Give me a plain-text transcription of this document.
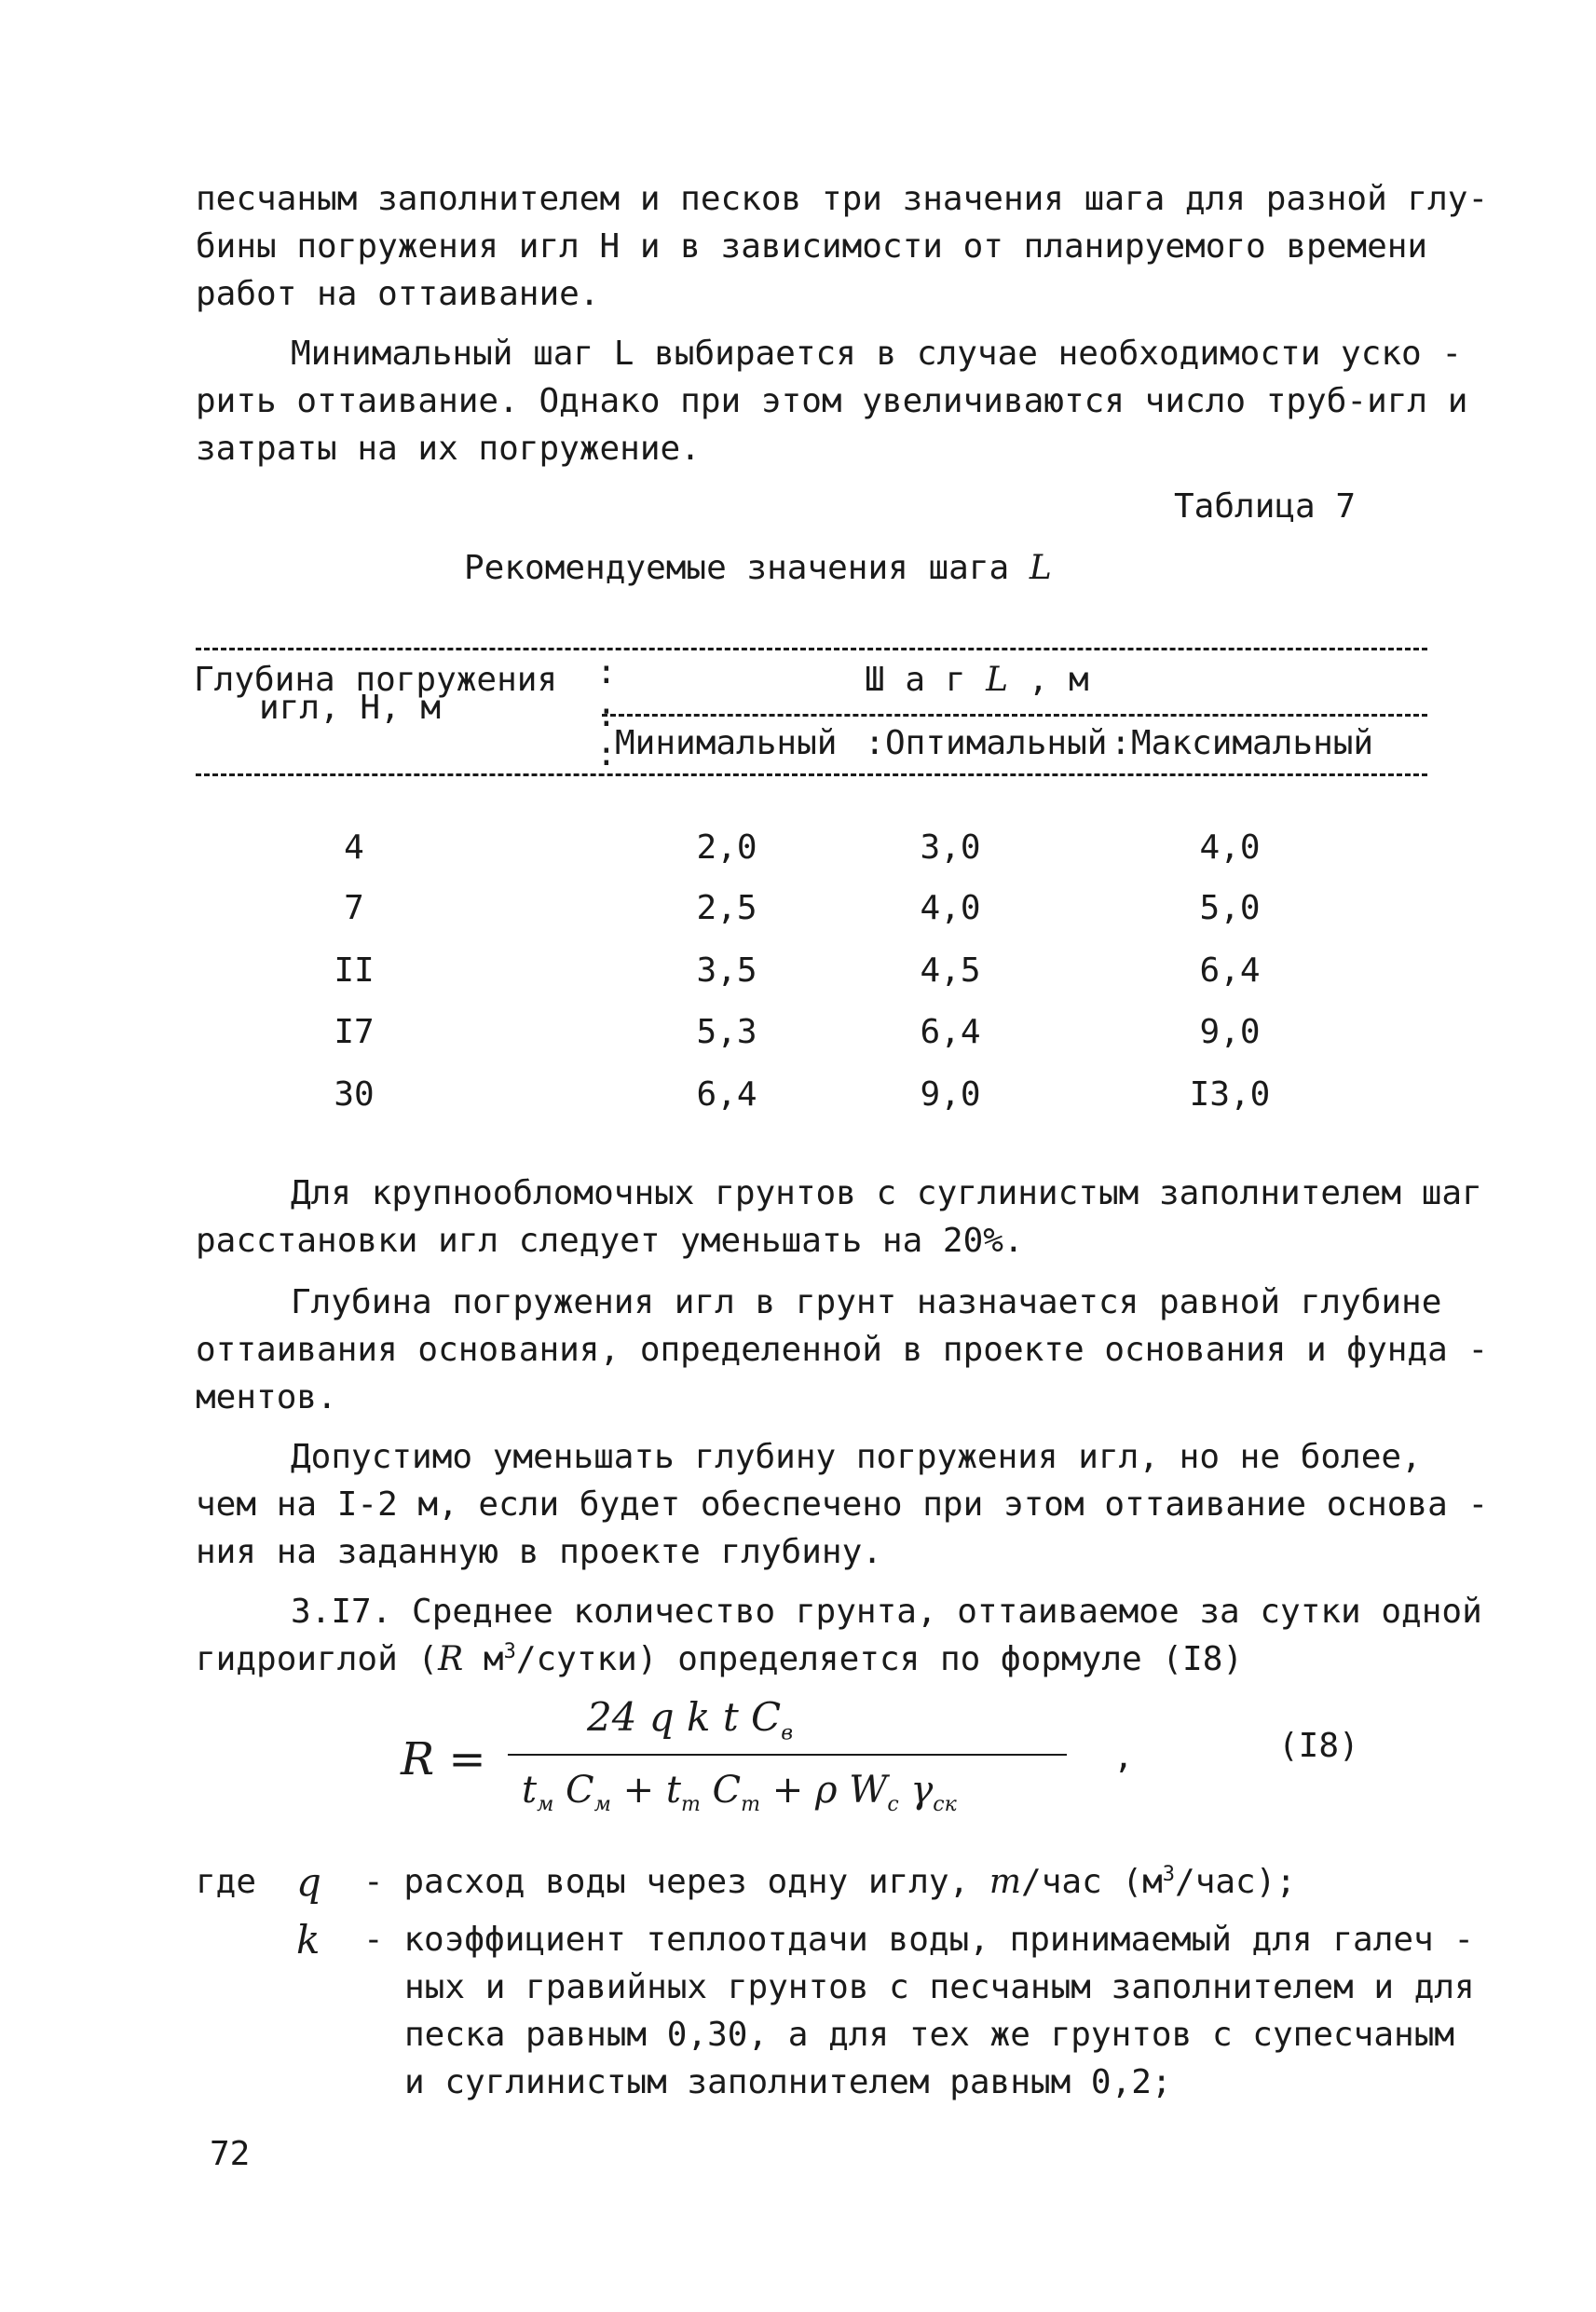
песчаным заполнителем и песков три значения шага для разной глу-
бины погружения игл H и в зависимости от планируемого времени
работ на оттаивание.
Минимальный шаг L выбирается в случае необходимости уско -
рить оттаивание. Однако при этом увеличиваются число труб-игл и
затраты на их погружение.
Таблица 7
Рекомендуемые значения шага L
Глубина погружения
игл, H, м
:
:
:
Ш а г L , м
Минимальный : Оптимальный : Максимальный
4	2,0	3,0	4,0
7	2,5	4,0	5,0
II	3,5	4,5	6,4
I7	5,3	6,4	9,0
30	6,4	9,0	I3,0
Для крупнообломочных грунтов с суглинистым заполнителем шаг
расстановки игл следует уменьшать на 20%.
Глубина погружения игл в грунт назначается равной глубине
оттаивания основания, определенной в проекте основания и фунда -
ментов.
Допустимо уменьшать глубину погружения игл, но не более,
чем на I-2 м, если будет обеспечено при этом оттаивание основа -
ния на заданную в проекте глубину.
3.I7. Среднее количество грунта, оттаиваемое за сутки одной
гидроиглой (R $м^3/сутки$) определяется по формуле (I8)
R =
24 q k t $C_в$
$t_м$ $C_м + t_т$ $C_т + \rho$ $W_с$ $\gamma_{ск}$
,	(I8)
где q - расход воды через одну иглу, m/час $(м^3/час)$;
k - коэффициент теплоотдачи воды, принимаемый для галеч -
ных и гравийных грунтов с песчаным заполнителем и для
песка равным 0,30, а для тех же грунтов с супесчаным
и суглинистым заполнителем равным 0,2;
72
